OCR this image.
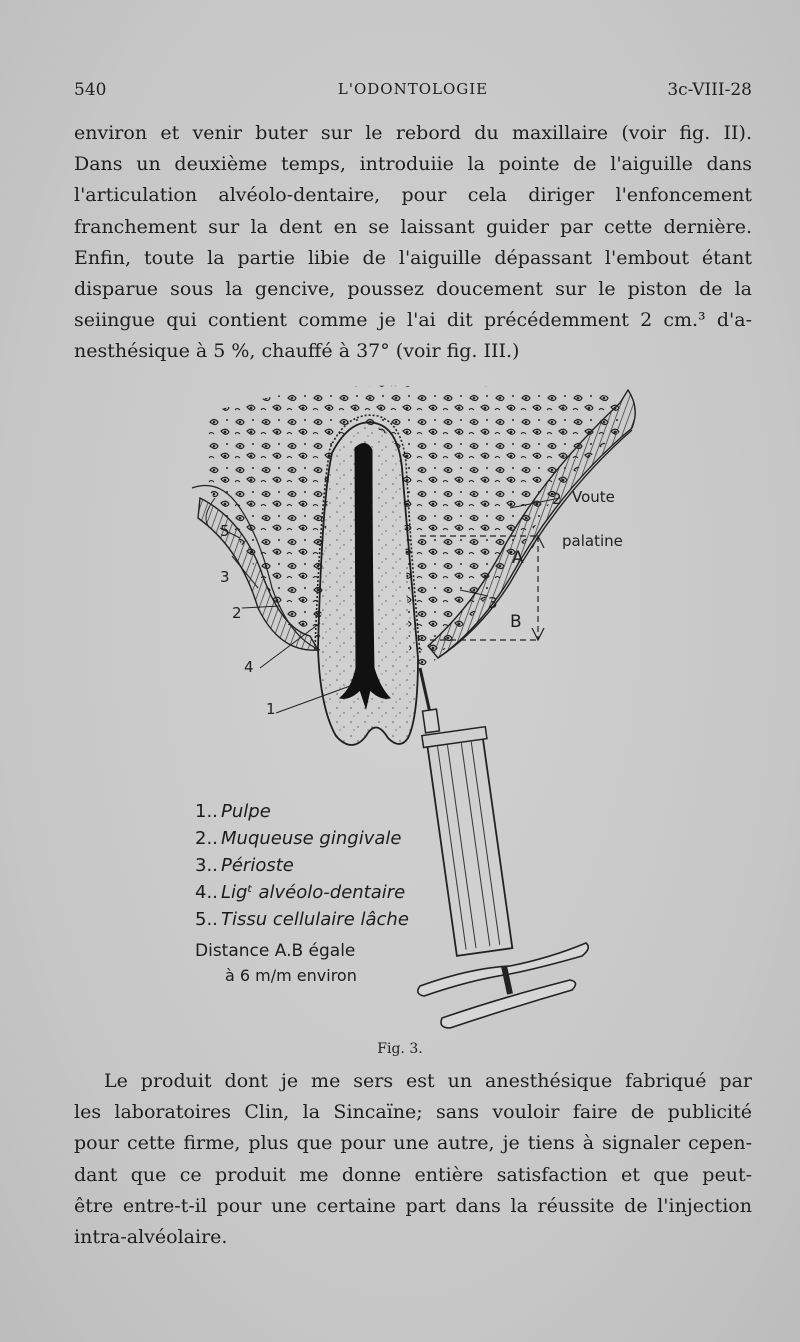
540	L'ODONTOLOGIE	3c-VIII-28
environ et venir buter sur le rebord du maxillaire (voir fig. II).
Dans un deuxième temps, introduiie la pointe de l'aiguille dans
l'articulation alvéolo-dentaire, pour cela diriger l'enfoncement
franchement sur la dent en se laissant guider par cette dernière.
Enfin, toute la partie libie de l'aiguille dépassant l'embout étant
disparue sous la gencive, poussez doucement sur le piston de la
seiingue qui contient comme je l'ai dit précédemment 2 cm.³ d'a-
nesthésique à 5 %, chauffé à 37° (voir fig. III.)
2 Voute
palatine
A
B
3
5
3
2
4
1
1.. Pulpe
2.. Muqueuse gingivale
3.. Périoste
4.. Ligᵗ alvéolo-dentaire
5.. Tissu cellulaire lâche
Distance A.B égale
à 6 m/m environ
Fig. 3.
Le produit dont je me sers est un anesthésique fabriqué par
les laboratoires Clin, la Sincaïne; sans vouloir faire de publicité
pour cette firme, plus que pour une autre, je tiens à signaler cepen-
dant que ce produit me donne entière satisfaction et que peut-
être entre-t-il pour une certaine part dans la réussite de l'injection
intra-alvéolaire.
